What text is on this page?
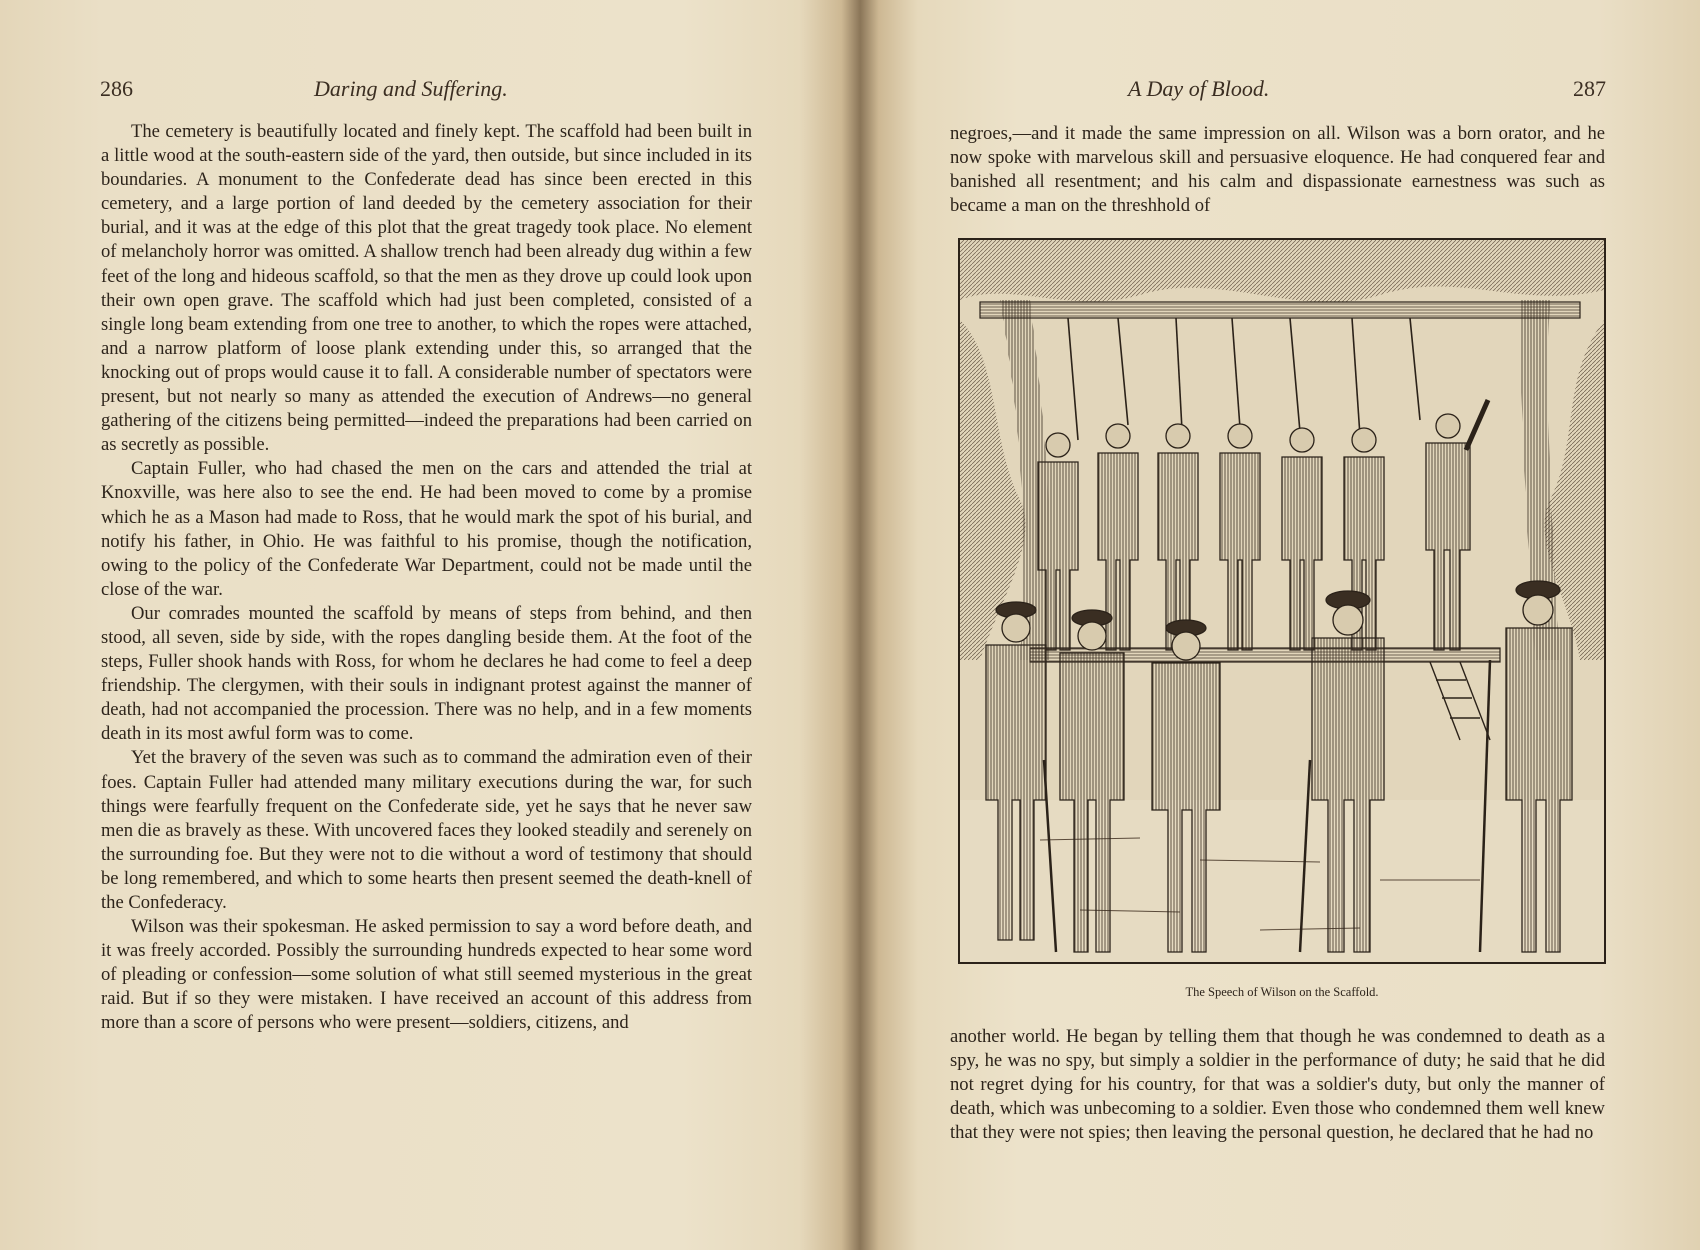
286	Daring and Suffering.

The cemetery is beautifully located and finely kept. The scaffold had been built in a little wood at the south-eastern side of the yard, then outside, but since included in its boundaries. A monument to the Confederate dead has since been erected in this cemetery, and a large portion of land deeded by the cemetery association for their burial, and it was at the edge of this plot that the great tragedy took place. No element of melancholy horror was omitted. A shallow trench had been already dug within a few feet of the long and hideous scaffold, so that the men as they drove up could look upon their own open grave. The scaffold which had just been completed, consisted of a single long beam extending from one tree to another, to which the ropes were attached, and a narrow platform of loose plank extending under this, so arranged that the knocking out of props would cause it to fall. A considerable number of spectators were present, but not nearly so many as attended the execution of Andrews—no general gathering of the citizens being permitted—indeed the preparations had been carried on as secretly as possible.

Captain Fuller, who had chased the men on the cars and attended the trial at Knoxville, was here also to see the end. He had been moved to come by a promise which he as a Mason had made to Ross, that he would mark the spot of his burial, and notify his father, in Ohio. He was faithful to his promise, though the notification, owing to the policy of the Confederate War Department, could not be made until the close of the war.

Our comrades mounted the scaffold by means of steps from behind, and then stood, all seven, side by side, with the ropes dangling beside them. At the foot of the steps, Fuller shook hands with Ross, for whom he declares he had come to feel a deep friendship. The clergymen, with their souls in indignant protest against the manner of death, had not accompanied the procession. There was no help, and in a few moments death in its most awful form was to come.

Yet the bravery of the seven was such as to command the admiration even of their foes. Captain Fuller had attended many military executions during the war, for such things were fearfully frequent on the Confederate side, yet he says that he never saw men die as bravely as these. With uncovered faces they looked steadily and serenely on the surrounding foe. But they were not to die without a word of testimony that should be long remembered, and which to some hearts then present seemed the death-knell of the Confederacy.

Wilson was their spokesman. He asked permission to say a word before death, and it was freely accorded. Possibly the surrounding hundreds expected to hear some word of pleading or confession—some solution of what still seemed mysterious in the great raid. But if so they were mistaken. I have received an account of this address from more than a score of persons who were present—soldiers, citizens, and

A Day of Blood.	287

negroes,—and it made the same impression on all. Wilson was a born orator, and he now spoke with marvelous skill and persuasive eloquence. He had conquered fear and banished all resentment; and his calm and dispassionate earnestness was such as became a man on the threshhold of

The Speech of Wilson on the Scaffold.

another world. He began by telling them that though he was condemned to death as a spy, he was no spy, but simply a soldier in the performance of duty; he said that he did not regret dying for his country, for that was a soldier's duty, but only the manner of death, which was unbecoming to a soldier. Even those who condemned them well knew that they were not spies; then leaving the personal question, he declared that he had no
